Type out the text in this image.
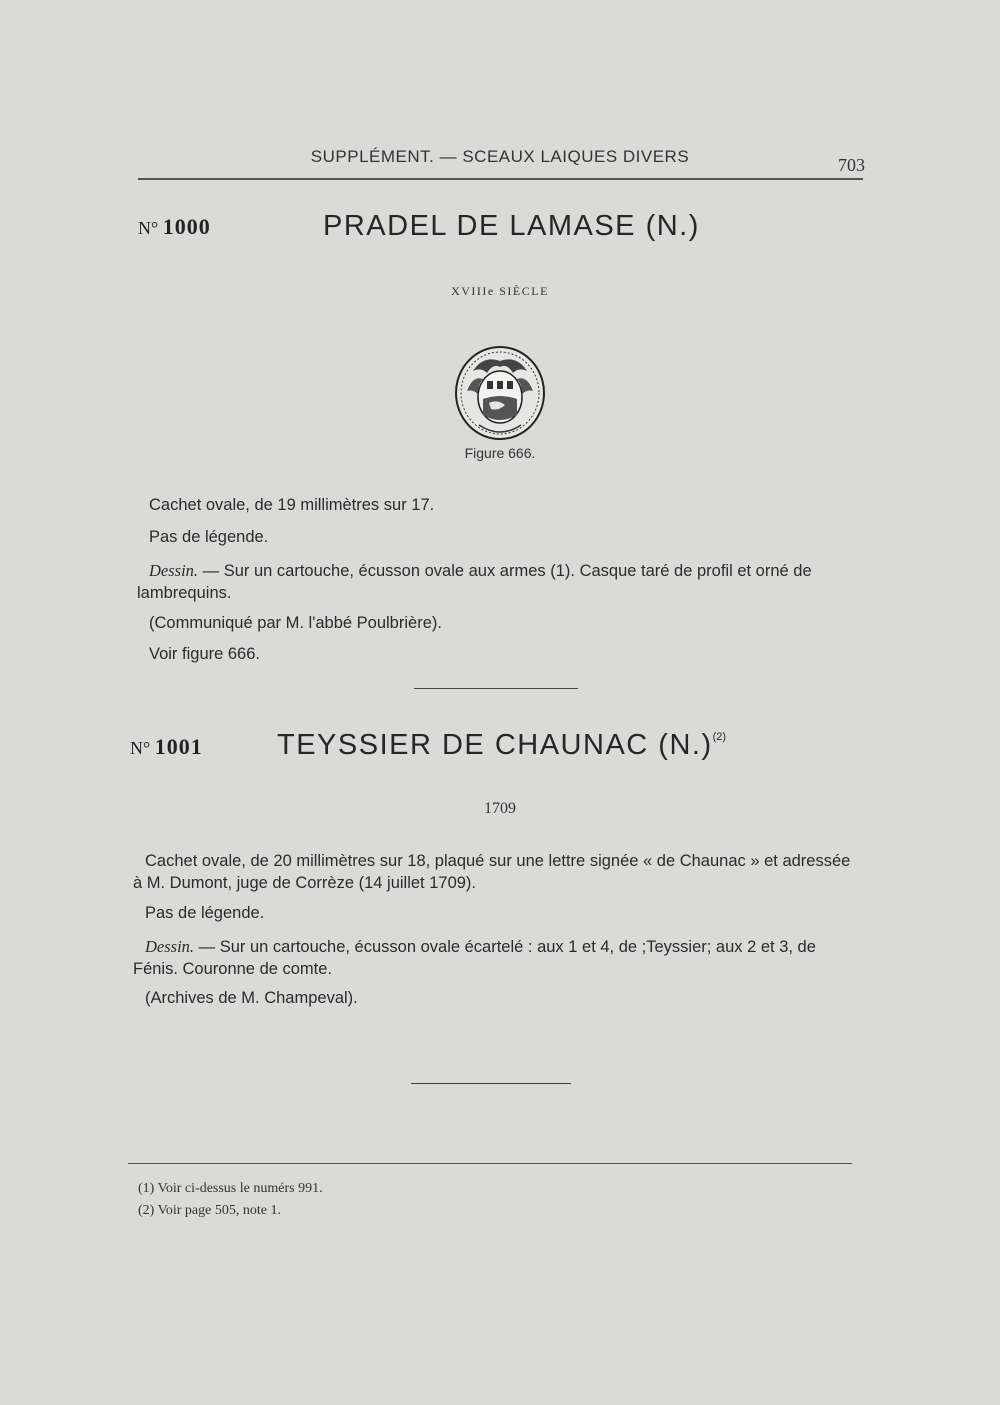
SUPPLÉMENT. — SCEAUX LAIQUES DIVERS	703
N° 1000	PRADEL DE LAMASE (N.)
XVIIIe SIÈCLE
Figure 666.

Cachet ovale, de 19 millimètres sur 17.

Pas de légende.

Dessin. — Sur un cartouche, écusson ovale aux armes (1). Casque taré de profil et orné de lambrequins.

(Communiqué par M. l'abbé Poulbrière).

Voir figure 666.

N° 1001	TEYSSIER DE CHAUNAC $(N.)^{(2)}$
1709

Cachet ovale, de 20 millimètres sur 18, plaqué sur une lettre signée « de Chaunac » et adressée à M. Dumont, juge de Corrèze (14 juillet 1709).

Pas de légende.

Dessin. — Sur un cartouche, écusson ovale écartelé : aux 1 et 4, de ;Teyssier; aux 2 et 3, de Fénis. Couronne de comte.

(Archives de M. Champeval).

(1) Voir ci-dessus le numérs 991.
(2) Voir page 505, note 1.
